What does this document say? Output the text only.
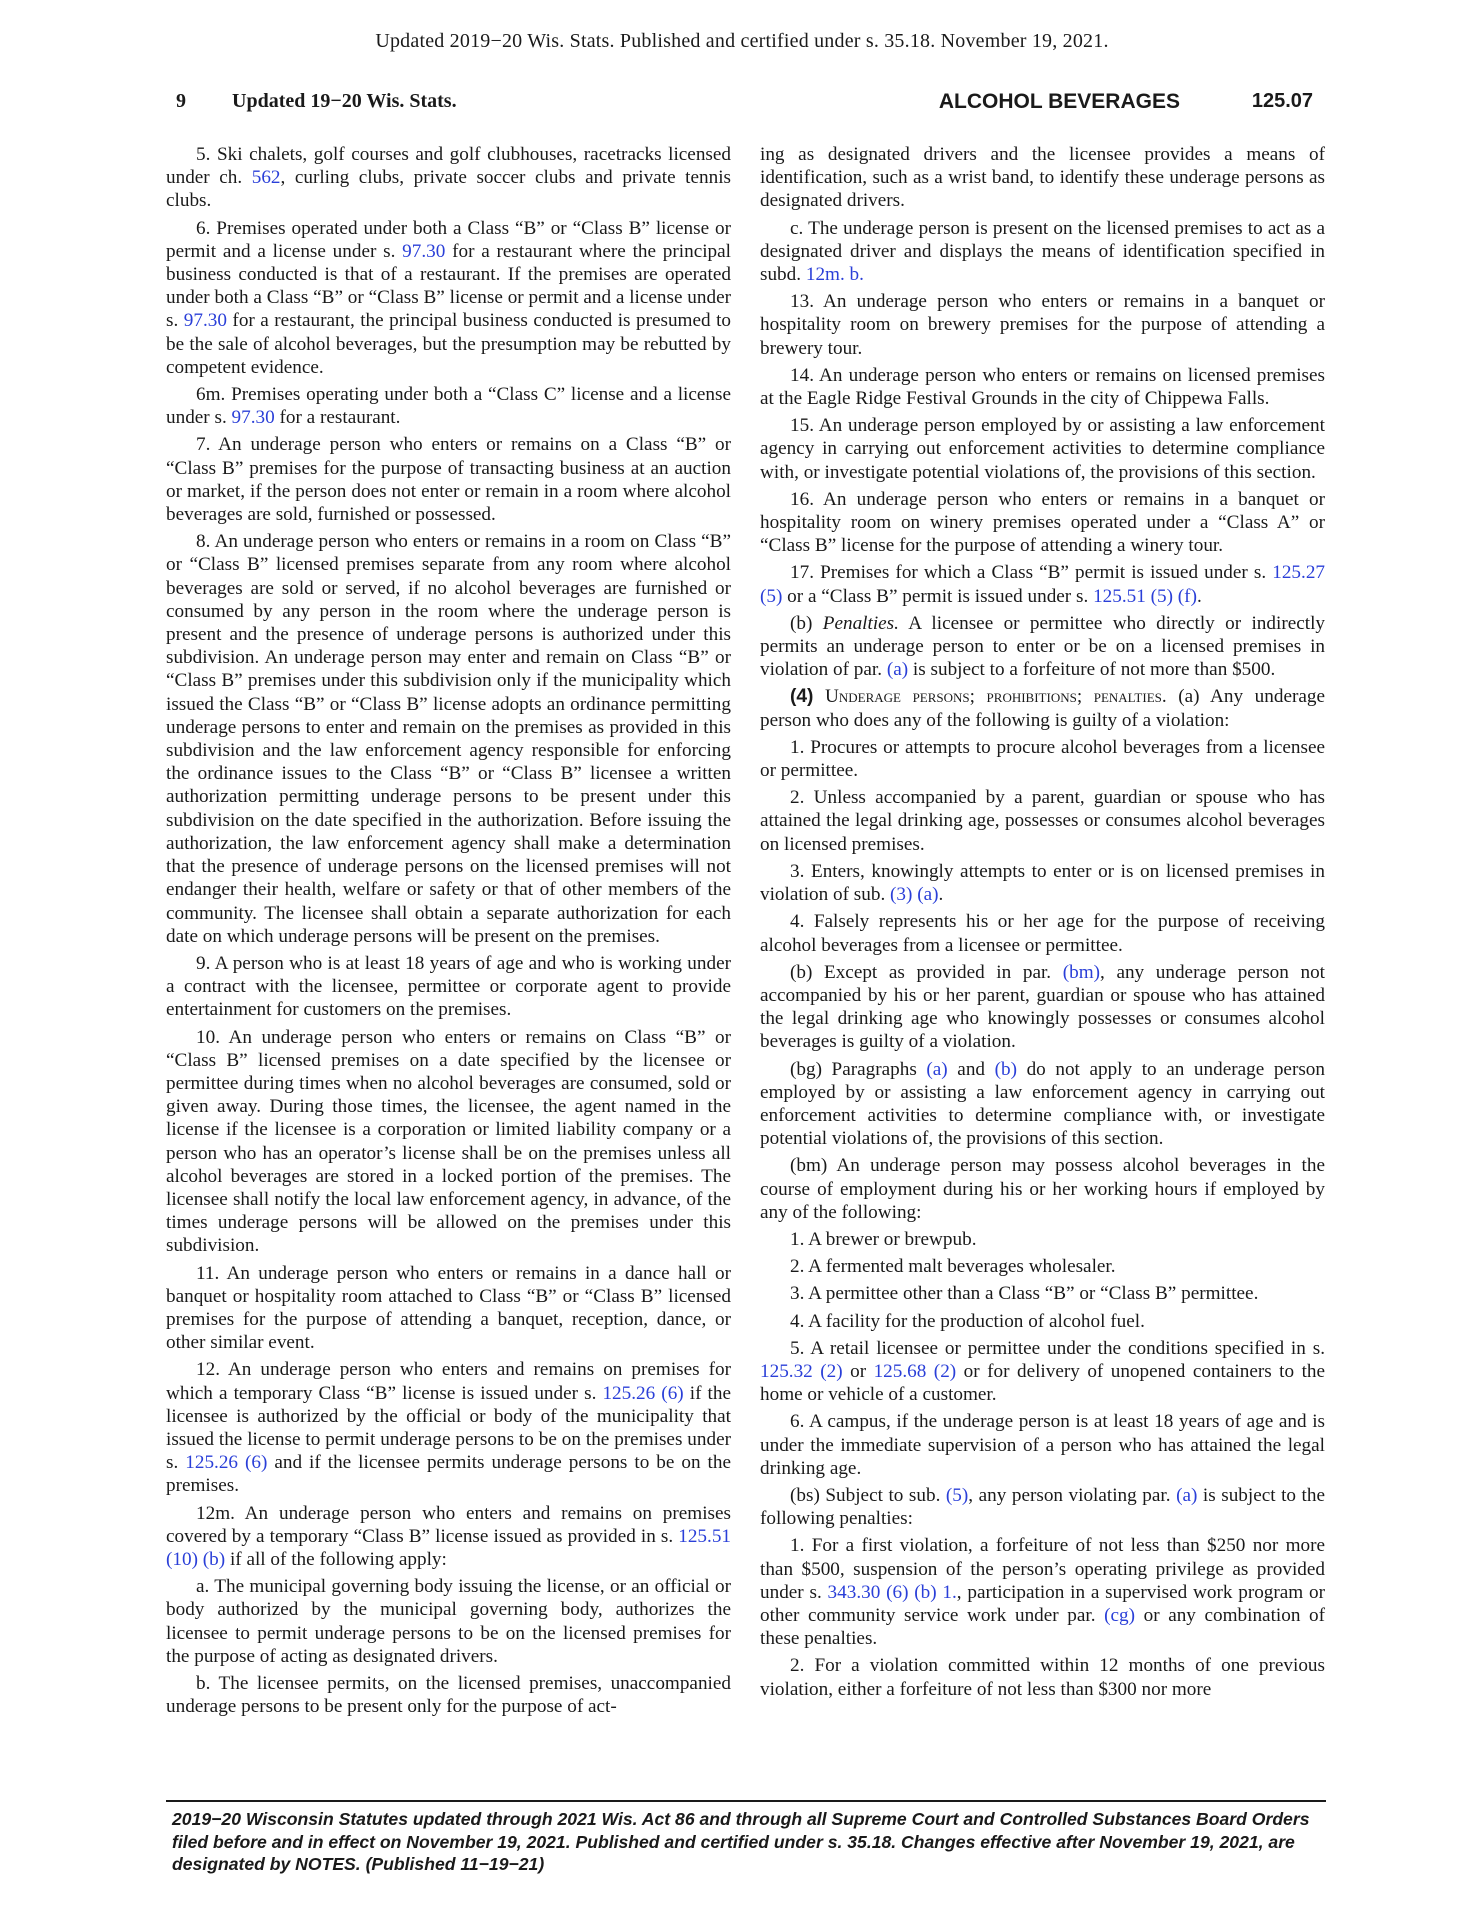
Updated 2019−20 Wis. Stats. Published and certified under s. 35.18. November 19, 2021.
9 Updated 19−20 Wis. Stats.	ALCOHOL BEVERAGES	125.07

5. Ski chalets, golf courses and golf clubhouses, racetracks licensed under ch. 562, curling clubs, private soccer clubs and private tennis clubs.

6. Premises operated under both a Class “B” or “Class B” license or permit and a license under s. 97.30 for a restaurant where the principal business conducted is that of a restaurant. If the premises are operated under both a Class “B” or “Class B” license or permit and a license under s. 97.30 for a restaurant, the principal business conducted is presumed to be the sale of alcohol beverages, but the presumption may be rebutted by competent evidence.

6m. Premises operating under both a “Class C” license and a license under s. 97.30 for a restaurant.

7. An underage person who enters or remains on a Class “B” or “Class B” premises for the purpose of transacting business at an auction or market, if the person does not enter or remain in a room where alcohol beverages are sold, furnished or possessed.

8. An underage person who enters or remains in a room on Class “B” or “Class B” licensed premises separate from any room where alcohol beverages are sold or served, if no alcohol beverages are furnished or consumed by any person in the room where the underage person is present and the presence of underage persons is authorized under this subdivision. An underage person may enter and remain on Class “B” or “Class B” premises under this subdivision only if the municipality which issued the Class “B” or “Class B” license adopts an ordinance permitting underage persons to enter and remain on the premises as provided in this subdivision and the law enforcement agency responsible for enforcing the ordinance issues to the Class “B” or “Class B” licensee a written authorization permitting underage persons to be present under this subdivision on the date specified in the authorization. Before issuing the authorization, the law enforcement agency shall make a determination that the presence of underage persons on the licensed premises will not endanger their health, welfare or safety or that of other members of the community. The licensee shall obtain a separate authorization for each date on which underage persons will be present on the premises.

9. A person who is at least 18 years of age and who is working under a contract with the licensee, permittee or corporate agent to provide entertainment for customers on the premises.

10. An underage person who enters or remains on Class “B” or “Class B” licensed premises on a date specified by the licensee or permittee during times when no alcohol beverages are consumed, sold or given away. During those times, the licensee, the agent named in the license if the licensee is a corporation or limited liability company or a person who has an operator’s license shall be on the premises unless all alcohol beverages are stored in a locked portion of the premises. The licensee shall notify the local law enforcement agency, in advance, of the times underage persons will be allowed on the premises under this subdivision.

11. An underage person who enters or remains in a dance hall or banquet or hospitality room attached to Class “B” or “Class B” licensed premises for the purpose of attending a banquet, reception, dance, or other similar event.

12. An underage person who enters and remains on premises for which a temporary Class “B” license is issued under s. 125.26 (6) if the licensee is authorized by the official or body of the municipality that issued the license to permit underage persons to be on the premises under s. 125.26 (6) and if the licensee permits underage persons to be on the premises.

12m. An underage person who enters and remains on premises covered by a temporary “Class B” license issued as provided in s. 125.51 (10) (b) if all of the following apply:

a. The municipal governing body issuing the license, or an official or body authorized by the municipal governing body, authorizes the licensee to permit underage persons to be on the licensed premises for the purpose of acting as designated drivers.

b. The licensee permits, on the licensed premises, unaccompanied underage persons to be present only for the purpose of act-

ing as designated drivers and the licensee provides a means of identification, such as a wrist band, to identify these underage persons as designated drivers.

c. The underage person is present on the licensed premises to act as a designated driver and displays the means of identification specified in subd. 12m. b.

13. An underage person who enters or remains in a banquet or hospitality room on brewery premises for the purpose of attending a brewery tour.

14. An underage person who enters or remains on licensed premises at the Eagle Ridge Festival Grounds in the city of Chippewa Falls.

15. An underage person employed by or assisting a law enforcement agency in carrying out enforcement activities to determine compliance with, or investigate potential violations of, the provisions of this section.

16. An underage person who enters or remains in a banquet or hospitality room on winery premises operated under a “Class A” or “Class B” license for the purpose of attending a winery tour.

17. Premises for which a Class “B” permit is issued under s. 125.27 (5) or a “Class B” permit is issued under s. 125.51 (5) (f).

(b) Penalties. A licensee or permittee who directly or indirectly permits an underage person to enter or be on a licensed premises in violation of par. (a) is subject to a forfeiture of not more than $500.

(4) Underage persons; prohibitions; penalties. (a) Any underage person who does any of the following is guilty of a violation:

1. Procures or attempts to procure alcohol beverages from a licensee or permittee.

2. Unless accompanied by a parent, guardian or spouse who has attained the legal drinking age, possesses or consumes alcohol beverages on licensed premises.

3. Enters, knowingly attempts to enter or is on licensed premises in violation of sub. (3) (a).

4. Falsely represents his or her age for the purpose of receiving alcohol beverages from a licensee or permittee.

(b) Except as provided in par. (bm), any underage person not accompanied by his or her parent, guardian or spouse who has attained the legal drinking age who knowingly possesses or consumes alcohol beverages is guilty of a violation.

(bg) Paragraphs (a) and (b) do not apply to an underage person employed by or assisting a law enforcement agency in carrying out enforcement activities to determine compliance with, or investigate potential violations of, the provisions of this section.

(bm) An underage person may possess alcohol beverages in the course of employment during his or her working hours if employed by any of the following:

1. A brewer or brewpub.

2. A fermented malt beverages wholesaler.

3. A permittee other than a Class “B” or “Class B” permittee.

4. A facility for the production of alcohol fuel.

5. A retail licensee or permittee under the conditions specified in s. 125.32 (2) or 125.68 (2) or for delivery of unopened containers to the home or vehicle of a customer.

6. A campus, if the underage person is at least 18 years of age and is under the immediate supervision of a person who has attained the legal drinking age.

(bs) Subject to sub. (5), any person violating par. (a) is subject to the following penalties:

1. For a first violation, a forfeiture of not less than $250 nor more than $500, suspension of the person’s operating privilege as provided under s. 343.30 (6) (b) 1., participation in a supervised work program or other community service work under par. (cg) or any combination of these penalties.

2. For a violation committed within 12 months of one previous violation, either a forfeiture of not less than $300 nor more

2019−20 Wisconsin Statutes updated through 2021 Wis. Act 86 and through all Supreme Court and Controlled Substances Board Orders filed before and in effect on November 19, 2021. Published and certified under s. 35.18. Changes effective after November 19, 2021, are designated by NOTES. (Published 11−19−21)
